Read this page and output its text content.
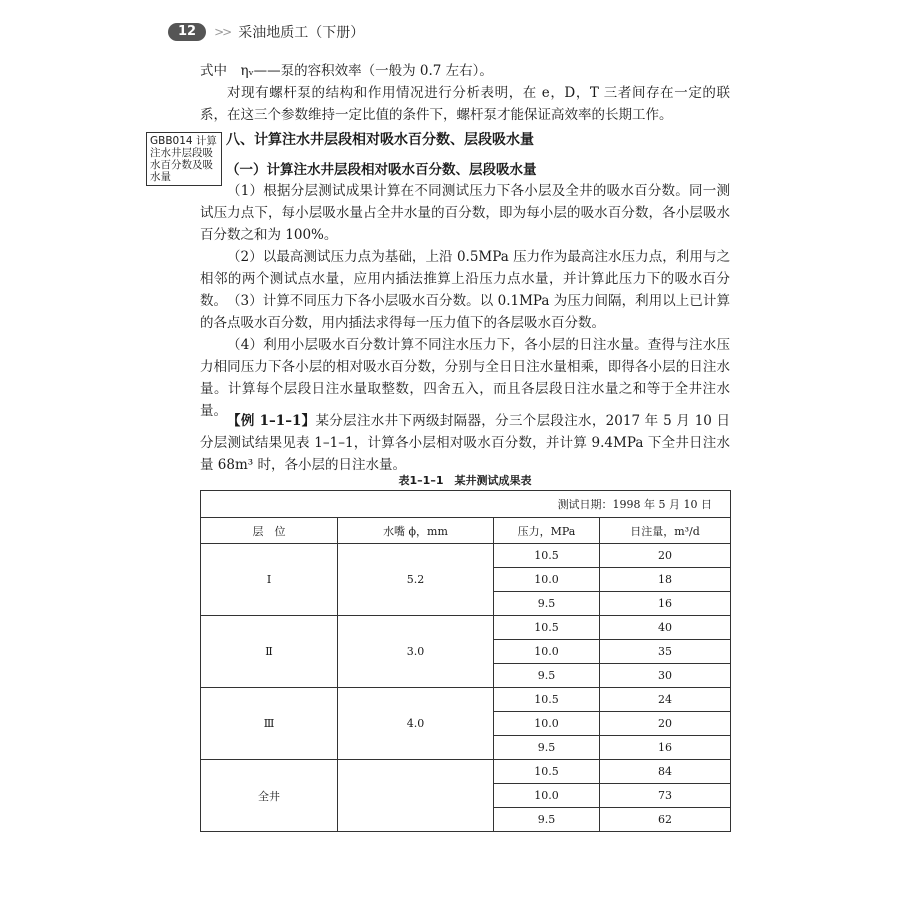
12	>> 采油地质工（下册）
式中　ηᵥ——泵的容积效率（一般为 0.7 左右）。
对现有螺杆泵的结构和作用情况进行分析表明，在 e，D，T 三者间存在一定的联系，在这三个参数维持一定比值的条件下，螺杆泵才能保证高效率的长期工作。
GBB014 计算注水井层段吸水百分数及吸水量
八、计算注水井层段相对吸水百分数、层段吸水量
（一）计算注水井层段相对吸水百分数、层段吸水量
（1）根据分层测试成果计算在不同测试压力下各小层及全井的吸水百分数。同一测试压力点下，每小层吸水量占全井水量的百分数，即为每小层的吸水百分数，各小层吸水百分数之和为 100%。
（2）以最高测试压力点为基础，上沿 0.5MPa 压力作为最高注水压力点，利用与之相邻的两个测试点水量，应用内插法推算上沿压力点水量，并计算此压力下的吸水百分数。 （3）计算不同压力下各小层吸水百分数。以 0.1MPa 为压力间隔，利用以上已计算的各点吸水百分数，用内插法求得每一压力值下的各层吸水百分数。
（4）利用小层吸水百分数计算不同注水压力下，各小层的日注水量。查得与注水压力相同压力下各小层的相对吸水百分数，分别与全日日注水量相乘，即得各小层的日注水量。计算每个层段日注水量取整数，四舍五入，而且各层段日注水量之和等于全井注水量。
【例 1–1–1】某分层注水井下两级封隔器，分三个层段注水，2017 年 5 月 10 日分层测试结果见表 1–1–1，计算各小层相对吸水百分数，并计算 9.4MPa 下全井日注水量 68m³ 时，各小层的日注水量。
表1–1–1　某井测试成果表
测试日期：1998 年 5 月 10 日			
层　位	水嘴 ϕ，mm	压力，MPa	日注量，m³/d
Ⅰ	5.2	10.5	20
		10.0	18
		9.5	16
Ⅱ	3.0	10.5	40
		10.0	35
		9.5	30
Ⅲ	4.0	10.5	24
		10.0	20
		9.5	16
全井		10.5	84
		10.0	73
		9.5	62
